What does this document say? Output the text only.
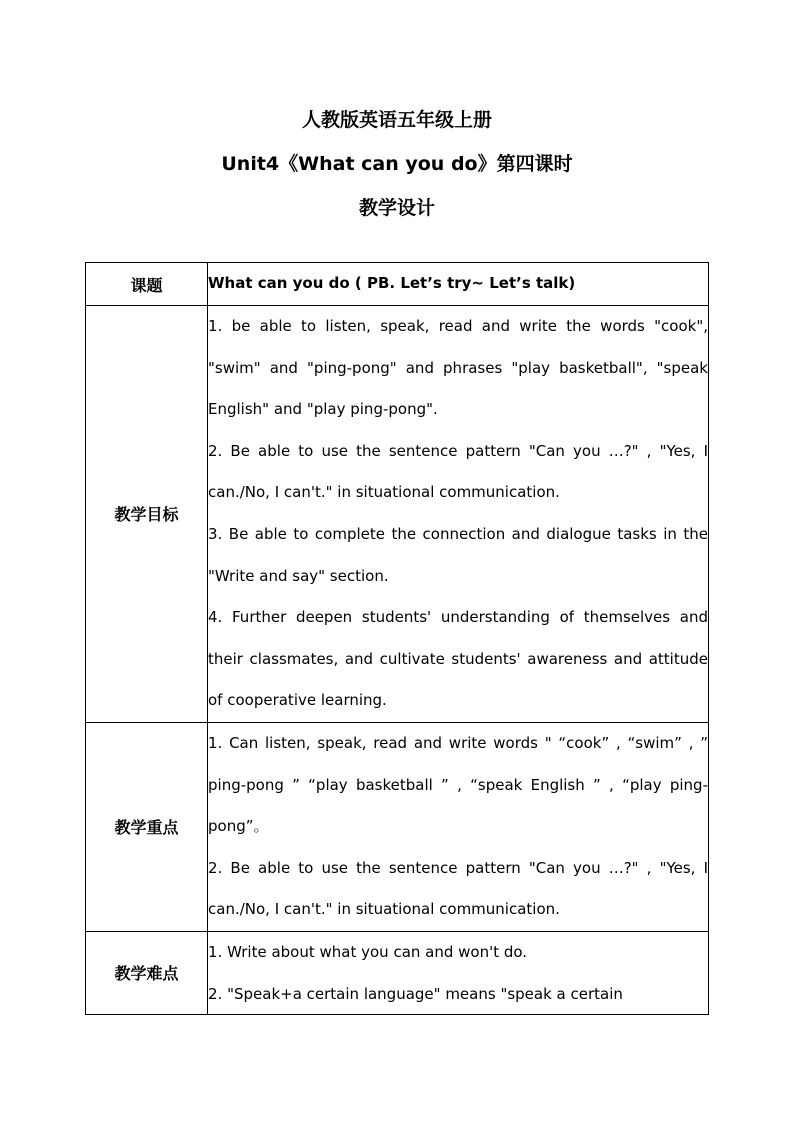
人教版英语五年级上册
Unit4《What can you do》第四课时
教学设计
课题	What can you do ( PB. Let’s try~ Let’s talk)
教学目标	1. be able to listen, speak, read and write the words "cook", "swim" and "ping-pong" and phrases "play basketball", "speak English" and "play ping-pong".

2. Be able to use the sentence pattern "Can you …?" , "Yes, I can./No, I can't." in situational communication.

3. Be able to complete the connection and dialogue tasks in the "Write and say" section.

4. Further deepen students' understanding of themselves and their classmates, and cultivate students' awareness and attitude of cooperative learning.

教学重点	1. Can listen, speak, read and write words " “cook” , “swim” , ” ping-pong ” “play basketball ” , “speak English ” , “play ping-pong”。

2. Be able to use the sentence pattern "Can you …?" , "Yes, I can./No, I can't." in situational communication.

教学难点	1. Write about what you can and won't do.

2. "Speak+a certain language" means "speak a certain
